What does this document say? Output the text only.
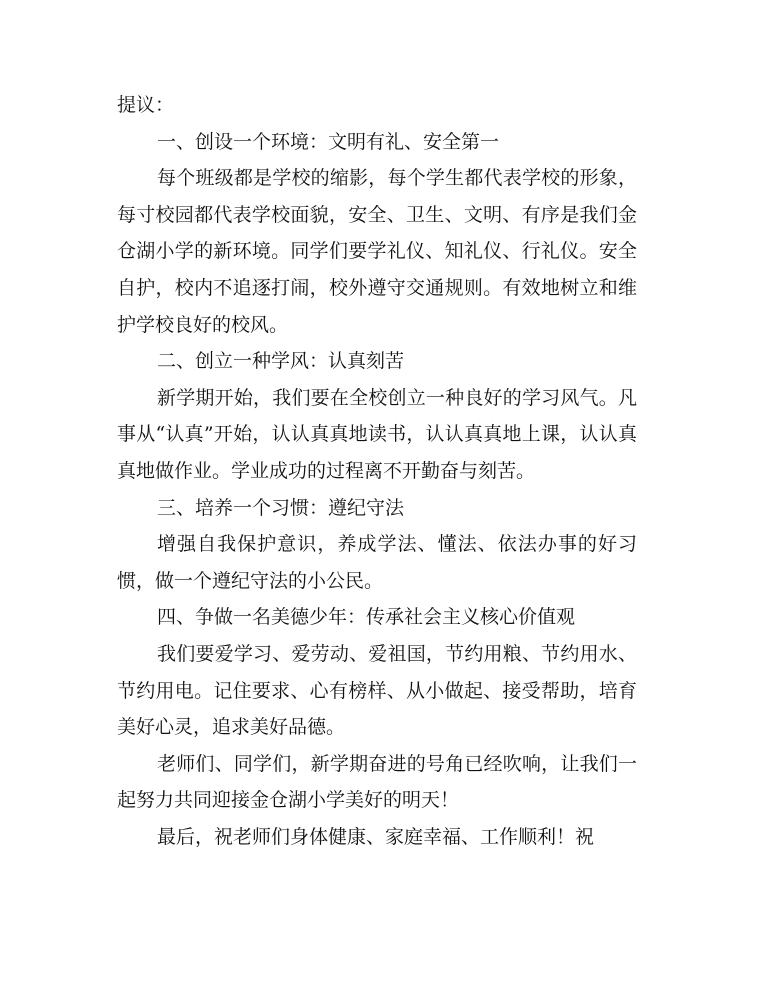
提议：

一、创设一个环境：文明有礼、安全第一

每个班级都是学校的缩影，每个学生都代表学校的形象，每寸校园都代表学校面貌，安全、卫生、文明、有序是我们金仓湖小学的新环境。同学们要学礼仪、知礼仪、行礼仪。安全自护，校内不追逐打闹，校外遵守交通规则。有效地树立和维护学校良好的校风。

二、创立一种学风：认真刻苦

新学期开始，我们要在全校创立一种良好的学习风气。凡事从“认真”开始，认认真真地读书，认认真真地上课，认认真真地做作业。学业成功的过程离不开勤奋与刻苦。

三、培养一个习惯：遵纪守法

增强自我保护意识，养成学法、懂法、依法办事的好习惯，做一个遵纪守法的小公民。

四、争做一名美德少年：传承社会主义核心价值观

我们要爱学习、爱劳动、爱祖国，节约用粮、节约用水、节约用电。记住要求、心有榜样、从小做起、接受帮助，培育美好心灵，追求美好品德。

老师们、同学们，新学期奋进的号角已经吹响，让我们一起努力共同迎接金仓湖小学美好的明天！

最后，祝老师们身体健康、家庭幸福、工作顺利！祝
